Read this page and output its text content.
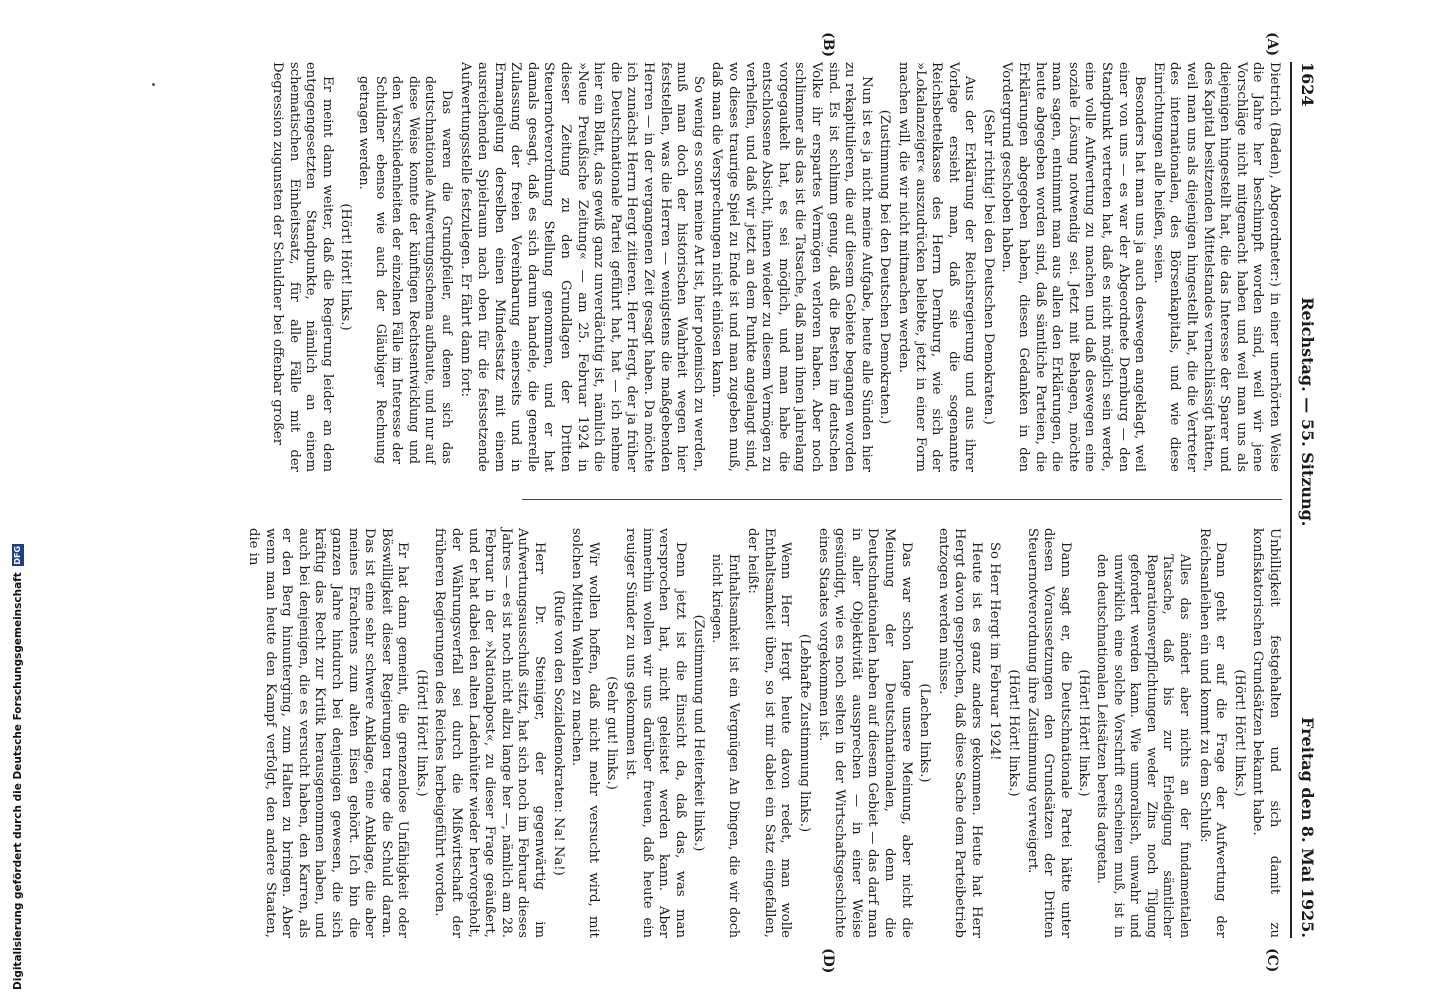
1624
Reichstag. — 55. Sitzung.
Freitag den 8. Mai 1925.
(A)
(B)
(C)
(D)

Dietrich (Baden), Abgeordneter:) in einer unerhörten Weise die Jahre her beschimpft worden sind, weil wir jene Vorschläge nicht mitgemacht haben und weil man uns als diejenigen hingestellt hat, die das Interesse der Sparer und des Kapital besitzenden Mittelstandes vernachlässigt hätten, weil man uns als diejenigen hingestellt hat, die die Vertreter des internationalen, des Börsenkapitals, und wie diese Einrichtungen alle heißen, seien.

Besonders hat man uns ja auch deswegen angeklagt, weil einer von uns — es war der Abgeordnete Dernburg — den Standpunkt vertreten hat, daß es nicht möglich sein werde, eine volle Aufwertung zu machen und daß deswegen eine soziale Lösung notwendig sei. Jetzt mit Behagen, möchte man sagen, entnimmt man aus allen den Erklärungen, die heute abgegeben worden sind, daß sämtliche Parteien, die Erklärungen abgegeben haben, diesen Gedanken in den Vordergrund geschoben haben.

(Sehr richtig! bei den Deutschen Demokraten.)

Aus der Erklärung der Reichsregierung und aus ihrer Vorlage ersieht man, daß sie die sogenannte Reichsbettelkasse des Herrn Dernburg, wie sich der »Lokalanzeiger« auszudrücken beliebte, jetzt in einer Form machen will, die wir nicht mitmachen werden.

(Zustimmung bei den Deutschen Demokraten.)

Nun ist es ja nicht meine Aufgabe, heute alle Sünden hier zu rekapitulieren, die auf diesem Gebiete begangen worden sind. Es ist schlimm genug, daß die Besten im deutschen Volke ihr erspartes Vermögen verloren haben. Aber noch schlimmer als das ist die Tatsache, daß man ihnen jahrelang vorgegaukelt hat, es sei möglich, und man habe die entschlossene Absicht, ihnen wieder zu diesem Vermögen zu verhelfen, und daß wir jetzt an dem Punkte angelangt sind, wo dieses traurige Spiel zu Ende ist und man zugeben muß, daß man die Versprechungen nicht einlösen kann.

So wenig es sonst meine Art ist, hier polemisch zu werden, muß man doch der historischen Wahrheit wegen hier feststellen, was die Herren — wenigstens die maßgebenden Herren — in der vergangenen Zeit gesagt haben. Da möchte ich zunächst Herrn Hergt zitieren. Herr Hergt, der ja früher die Deutschnationale Partei geführt hat, hat — ich nehme hier ein Blatt, das gewiß ganz unverdächtig ist, nämlich die »Neue Preußische Zeitung« — am 25. Februar 1924 in dieser Zeitung zu den Grundlagen der Dritten Steuernotverordnung Stellung genommen, und er hat damals gesagt, daß es sich darum handele, die generelle Zulassung der freien Vereinbarung einerseits und in Ermangelung derselben einen Mindestsatz mit einem ausreichenden Spielraum nach oben für die festsetzende Aufwertungsstelle festzulegen. Er fährt dann fort:

Das waren die Grundpfeiler, auf denen sich das deutschnationale Aufwertungsschema aufbaute, und nur auf diese Weise konnte der künftigen Rechtsentwicklung und den Verschiedenheiten der einzelnen Fälle im Interesse der Schuldner ebenso wie auch der Gläubiger Rechnung getragen werden.

(Hört! Hört! links.)

Er meint dann weiter, daß die Regierung leider an dem entgegengesetzten Standpunkte, nämlich an einem schematischen Einheitssatz, für alle Fälle mit der Degression zugunsten der Schuldner bei offenbar großer

Unbilligkeit festgehalten und sich damit zu konfiskatorischen Grundsätzen bekannt habe.

(Hört! Hört! links.)

Dann geht er auf die Frage der Aufwertung der Reichsanleihen ein und kommt zu dem Schluß:

Alles das ändert aber nichts an der fundamentalen Tatsache, daß bis zur Erledigung sämtlicher Reparationsverpflichtungen weder Zins noch Tilgung gefordert werden kann. Wie unmoralisch, unwahr und unwirklich eine solche Vorschrift erscheinen muß, ist in den deutschnationalen Leitsätzen bereits dargetan.

(Hört! Hört! links.)

Dann sagt er, die Deutschnationale Partei hätte unter diesen Voraussetzungen den Grundsätzen der Dritten Steuernotverordnung ihre Zustimmung verweigert.

(Hört! Hört! links.)

So Herr Hergt im Februar 1924!

Heute ist es ganz anders gekommen. Heute hat Herr Hergt davon gesprochen, daß diese Sache dem Parteibetrieb entzogen werden müsse.

(Lachen links.)

Das war schon lange unsere Meinung, aber nicht die Meinung der Deutschnationalen, denn die Deutschnationalen haben auf diesem Gebiet — das darf man in aller Objektivität aussprechen — in einer Weise gesündigt, wie es noch selten in der Wirtschaftsgeschichte eines Staates vorgekommen ist.

(Lebhafte Zustimmung links.)

Wenn Herr Hergt heute davon redet, man wolle Enthaltsamkeit üben, so ist mir dabei ein Satz eingefallen, der heißt:

Enthaltsamkeit ist ein Vergnügen An Dingen, die wir doch nicht kriegen.

(Zustimmung und Heiterkeit links.)

Denn jetzt ist die Einsicht da, daß das, was man versprochen hat, nicht geleistet werden kann. Aber immerhin wollen wir uns darüber freuen, daß heute ein reuiger Sünder zu uns gekommen ist.

(Sehr gut! links.)

Wir wollen hoffen, daß nicht mehr versucht wird, mit solchen Mitteln Wahlen zu machen.

(Rufe von den Sozialdemokraten: Na! Na!)

Herr Dr. Steiniger, der gegenwärtig im Aufwertungsausschuß sitzt, hat sich noch im Februar dieses Jahres — es ist noch nicht allzu lange her —, nämlich am 28. Februar in der »Nationalpost«, zu dieser Frage geäußert, und er hat dabei den alten Ladenhüter wieder hervorgeholt, der Währungsverfall sei durch die Mißwirtschaft der früheren Regierungen des Reiches herbeigeführt worden.

(Hört! Hört! links.)

Er hat dann gemeint, die grenzenlose Unfähigkeit oder Böswilligkeit dieser Regierungen trage die Schuld daran. Das ist eine sehr schwere Anklage, eine Anklage, die aber meines Erachtens zum alten Eisen gehört. Ich bin die ganzen Jahre hindurch bei denjenigen gewesen, die sich kräftig das Recht zur Kritik herausgenommen haben, und auch bei denjenigen, die es versucht haben, den Karren, als er den Berg hinunterging, zum Halten zu bringen. Aber wenn man heute den Kampf verfolgt, den andere Staaten, die in

Digitalisierung gefördert durch die Deutsche Forschungsgemeinschaft
DFG
